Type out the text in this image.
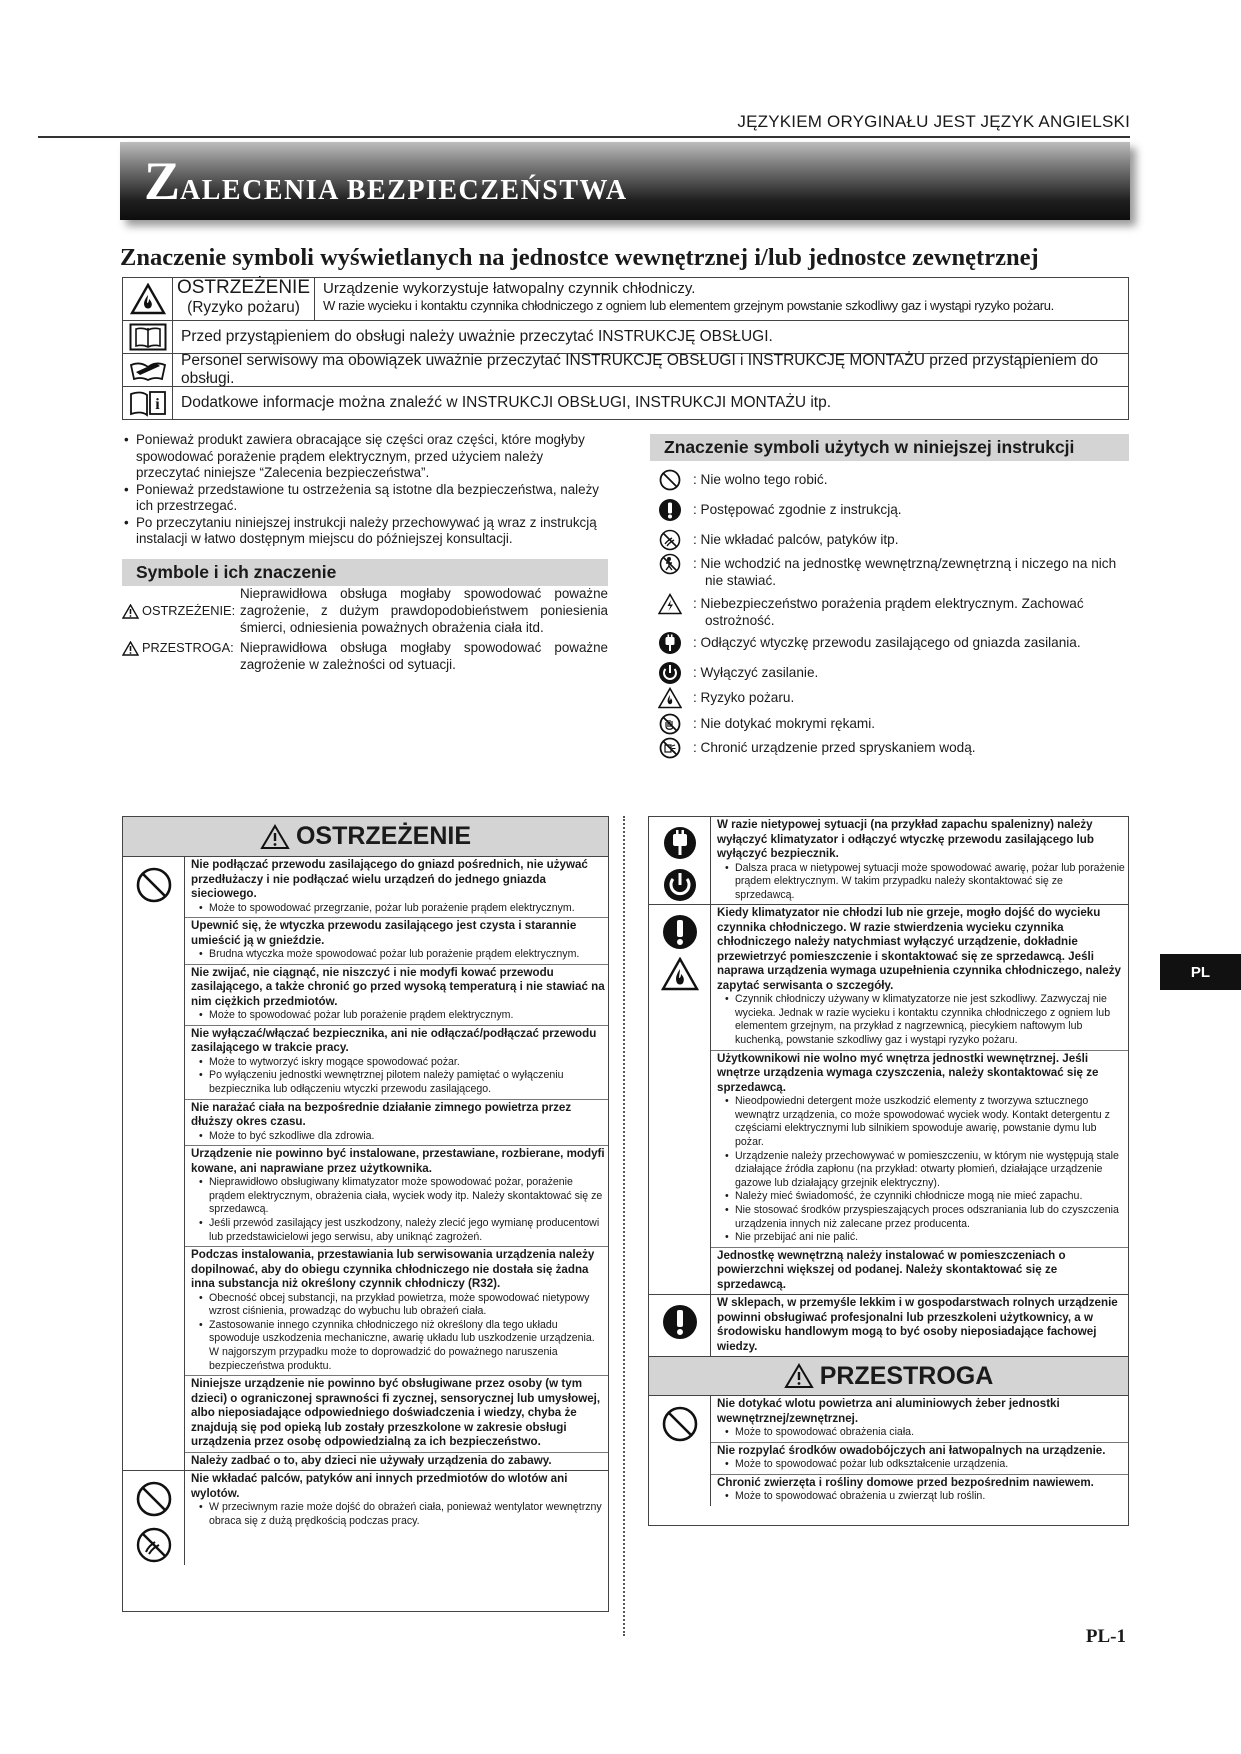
JĘZYKIEM ORYGINAŁU JEST JĘZYK ANGIELSKI
ZALECENIA BEZPIECZEŃSTWA
Znaczenie symboli wyświetlanych na jednostce wewnętrznej i/lub jednostce zewnętrznej
OSTRZEŻENIE
(Ryzyko pożaru)
Urządzenie wykorzystuje łatwopalny czynnik chłodniczy.
W razie wycieku i kontaktu czynnika chłodniczego z ogniem lub elementem grzejnym powstanie szkodliwy gaz i wystąpi ryzyko pożaru.
Przed przystąpieniem do obsługi należy uważnie przeczytać INSTRUKCJĘ OBSŁUGI.
Personel serwisowy ma obowiązek uważnie przeczytać INSTRUKCJĘ OBSŁUGI i INSTRUKCJĘ MONTAŻU przed przystąpieniem do obsługi.
i	Dodatkowe informacje można znaleźć w INSTRUKCJI OBSŁUGI, INSTRUKCJI MONTAŻU itp.
• Ponieważ produkt zawiera obracające się części oraz części, które mogłyby spowodować porażenie prądem elektrycznym, przed użyciem należy przeczytać niniejsze “Zalecenia bezpieczeństwa”.
• Ponieważ przedstawione tu ostrzeżenia są istotne dla bezpieczeństwa, należy ich przestrzegać.
• Po przeczytaniu niniejszej instrukcji należy przechowywać ją wraz z instrukcją instalacji w łatwo dostępnym miejscu do późniejszej konsultacji.
Symbole i ich znaczenie
OSTRZEŻENIE:
Nieprawidłowa obsługa mogłaby spowodować poważne zagrożenie, z dużym prawdopodobieństwem poniesienia śmierci, odniesienia poważnych obrażenia ciała itd.
PRZESTROGA: Nieprawidłowa obsługa mogłaby spowodować poważne zagrożenie w zależności od sytuacji.
Znaczenie symboli użytych w niniejszej instrukcji
: Nie wolno tego robić.
: Postępować zgodnie z instrukcją.
: Nie wkładać palców, patyków itp.
: Nie wchodzić na jednostkę wewnętrzną/zewnętrzną i niczego na nich nie stawiać.
: Niebezpieczeństwo porażenia prądem elektrycznym. Zachować ostrożność.
: Odłączyć wtyczkę przewodu zasilającego od gniazda zasilania.
: Wyłączyć zasilanie.
: Ryzyko pożaru.
: Nie dotykać mokrymi rękami.
: Chronić urządzenie przed spryskaniem wodą.
OSTRZEŻENIE
Nie podłączać przewodu zasilającego do gniazd pośrednich, nie używać przedłużaczy i nie podłączać wielu urządzeń do jednego gniazda sieciowego.
• Może to spowodować przegrzanie, pożar lub porażenie prądem elektrycznym.
Upewnić się, że wtyczka przewodu zasilającego jest czysta i starannie umieścić ją w gnieździe.
• Brudna wtyczka może spowodować pożar lub porażenie prądem elektrycznym.
Nie zwijać, nie ciągnąć, nie niszczyć i nie modyfi kować przewodu zasilającego, a także chronić go przed wysoką temperaturą i nie stawiać na nim ciężkich przedmiotów.
• Może to spowodować pożar lub porażenie prądem elektrycznym.
Nie wyłączać/włączać bezpiecznika, ani nie odłączać/podłączać przewodu zasilającego w trakcie pracy.
• Może to wytworzyć iskry mogące spowodować pożar.
• Po wyłączeniu jednostki wewnętrznej pilotem należy pamiętać o wyłączeniu bezpiecznika lub odłączeniu wtyczki przewodu zasilającego.
Nie narażać ciała na bezpośrednie działanie zimnego powietrza przez dłuższy okres czasu.
• Może to być szkodliwe dla zdrowia.
Urządzenie nie powinno być instalowane, przestawiane, rozbierane, modyfi kowane, ani naprawiane przez użytkownika.
• Nieprawidłowo obsługiwany klimatyzator może spowodować pożar, porażenie prądem elektrycznym, obrażenia ciała, wyciek wody itp. Należy skontaktować się ze sprzedawcą.
• Jeśli przewód zasilający jest uszkodzony, należy zlecić jego wymianę producentowi lub przedstawicielowi jego serwisu, aby uniknąć zagrożeń.
Podczas instalowania, przestawiania lub serwisowania urządzenia należy dopilnować, aby do obiegu czynnika chłodniczego nie dostała się żadna inna substancja niż określony czynnik chłodniczy (R32).
• Obecność obcej substancji, na przykład powietrza, może spowodować nietypowy wzrost ciśnienia, prowadząc do wybuchu lub obrażeń ciała.
• Zastosowanie innego czynnika chłodniczego niż określony dla tego układu spowoduje uszkodzenia mechaniczne, awarię układu lub uszkodzenie urządzenia. W najgorszym przypadku może to doprowadzić do poważnego naruszenia bezpieczeństwa produktu.
Niniejsze urządzenie nie powinno być obsługiwane przez osoby (w tym dzieci) o ograniczonej sprawności fi zycznej, sensorycznej lub umysłowej, albo nieposiadające odpowiedniego doświadczenia i wiedzy, chyba że znajdują się pod opieką lub zostały przeszkolone w zakresie obsługi urządzenia przez osobę odpowiedzialną za ich bezpieczeństwo.
Należy zadbać o to, aby dzieci nie używały urządzenia do zabawy.
Nie wkładać palców, patyków ani innych przedmiotów do wlotów ani wylotów.
• W przeciwnym razie może dojść do obrażeń ciała, ponieważ wentylator wewnętrzny obraca się z dużą prędkością podczas pracy.
W razie nietypowej sytuacji (na przykład zapachu spalenizny) należy wyłączyć klimatyzator i odłączyć wtyczkę przewodu zasilającego lub wyłączyć bezpiecznik.
• Dalsza praca w nietypowej sytuacji może spowodować awarię, pożar lub porażenie prądem elektrycznym. W takim przypadku należy skontaktować się ze sprzedawcą.
Kiedy klimatyzator nie chłodzi lub nie grzeje, mogło dojść do wycieku czynnika chłodniczego. W razie stwierdzenia wycieku czynnika chłodniczego należy natychmiast wyłączyć urządzenie, dokładnie przewietrzyć pomieszczenie i skontaktować się ze sprzedawcą. Jeśli naprawa urządzenia wymaga uzupełnienia czynnika chłodniczego, należy zapytać serwisanta o szczegóły.
• Czynnik chłodniczy używany w klimatyzatorze nie jest szkodliwy. Zazwyczaj nie wycieka. Jednak w razie wycieku i kontaktu czynnika chłodniczego z ogniem lub elementem grzejnym, na przykład z nagrzewnicą, piecykiem naftowym lub kuchenką, powstanie szkodliwy gaz i wystąpi ryzyko pożaru.
Użytkownikowi nie wolno myć wnętrza jednostki wewnętrznej. Jeśli wnętrze urządzenia wymaga czyszczenia, należy skontaktować się ze sprzedawcą.
• Nieodpowiedni detergent może uszkodzić elementy z tworzywa sztucznego wewnątrz urządzenia, co może spowodować wyciek wody. Kontakt detergentu z częściami elektrycznymi lub silnikiem spowoduje awarię, powstanie dymu lub pożar.
• Urządzenie należy przechowywać w pomieszczeniu, w którym nie występują stale działające źródła zapłonu (na przykład: otwarty płomień, działające urządzenie gazowe lub działający grzejnik elektryczny).
• Należy mieć świadomość, że czynniki chłodnicze mogą nie mieć zapachu.
• Nie stosować środków przyspieszających proces odszraniania lub do czyszczenia urządzenia innych niż zalecane przez producenta.
• Nie przebijać ani nie palić.
Jednostkę wewnętrzną należy instalować w pomieszczeniach o powierzchni większej od podanej. Należy skontaktować się ze sprzedawcą.
W sklepach, w przemyśle lekkim i w gospodarstwach rolnych urządzenie powinni obsługiwać profesjonalni lub przeszkoleni użytkownicy, a w środowisku handlowym mogą to być osoby nieposiadające fachowej wiedzy.
PRZESTROGA
Nie dotykać wlotu powietrza ani aluminiowych żeber jednostki wewnętrznej/zewnętrznej.
• Może to spowodować obrażenia ciała.
Nie rozpylać środków owadobójczych ani łatwopalnych na urządzenie.
• Może to spowodować pożar lub odkształcenie urządzenia.
Chronić zwierzęta i rośliny domowe przed bezpośrednim nawiewem.
• Może to spowodować obrażenia u zwierząt lub roślin.
PL
PL-1
